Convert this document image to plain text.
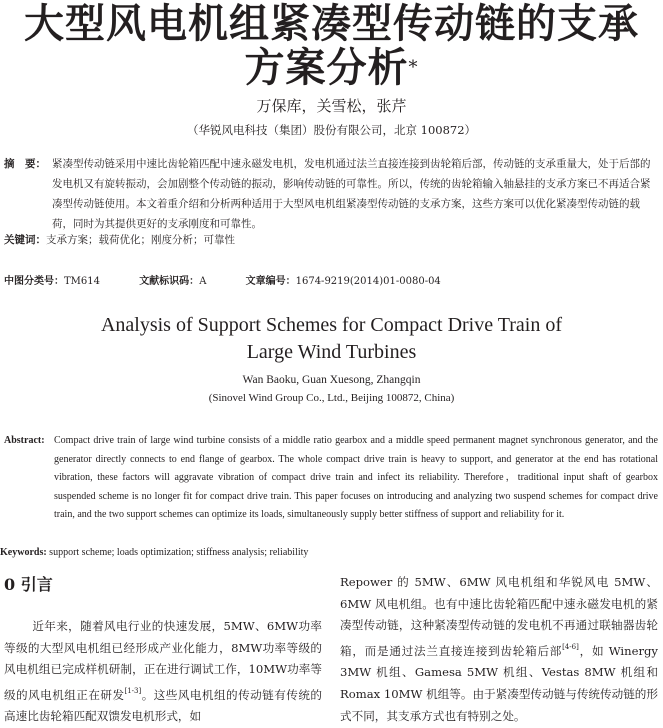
大型风电机组紧凑型传动链的支承
方案分析*
万保库，关雪松，张芹
（华锐风电科技（集团）股份有限公司，北京 100872）
摘　要： 紧凑型传动链采用中速比齿轮箱匹配中速永磁发电机，发电机通过法兰直接连接到齿轮箱后部，传动链的支承重量大，处于后部的发电机又有旋转振动，会加剧整个传动链的振动，影响传动链的可靠性。所以，传统的齿轮箱输入轴悬挂的支承方案已不再适合紧凑型传动链使用。本文着重介绍和分析两种适用于大型风电机组紧凑型传动链的支承方案，这些方案可以优化紧凑型传动链的载荷，同时为其提供更好的支承刚度和可靠性。
关键词：支承方案；载荷优化；刚度分析；可靠性
中图分类号：TM614	文献标识码：A	文章编号：1674-9219(2014)01-0080-04
Analysis of Support Schemes for Compact Drive Train of
Large Wind Turbines
Wan Baoku, Guan Xuesong, Zhangqin
(Sinovel Wind Group Co., Ltd., Beijing 100872, China)
Abstract: Compact drive train of large wind turbine consists of a middle ratio gearbox and a middle speed permanent magnet synchronous generator, and the generator directly connects to end flange of gearbox. The whole compact drive train is heavy to support, and generator at the end has rotational vibration, these factors will aggravate vibration of compact drive train and infect its reliability. Therefore，traditional input shaft of gearbox suspended scheme is no longer fit for compact drive train. This paper focuses on introducing and analyzing two suspend schemes for compact drive train, and the two support schemes can optimize its loads, simultaneously supply better stiffness of support and reliability for it.
Keywords: support scheme; loads optimization; stiffness analysis; reliability
0 引言
近年来，随着风电行业的快速发展，5MW、6MW功率等级的大型风电机组已经形成产业化能力，8MW功率等级的风电机组已完成样机研制，正在进行调试工作，10MW功率等级的风电机组正在研发[1-3]。这些风电机组的传动链有传统的高速比齿轮箱匹配双馈发电机形式，如
Repower 的 5MW、6MW 风电机组和华锐风电 5MW、6MW 风电机组。也有中速比齿轮箱匹配中速永磁发电机的紧凑型传动链，这种紧凑型传动链的发电机不再通过联轴器齿轮箱，而是通过法兰直接连接到齿轮箱后部[4-6]，如 Winergy 3MW 机组、Gamesa 5MW 机组、Vestas 8MW 机组和 Romax 10MW 机组等。由于紧凑型传动链与传统传动链的形式不同，其支承方式也有特别之处。
